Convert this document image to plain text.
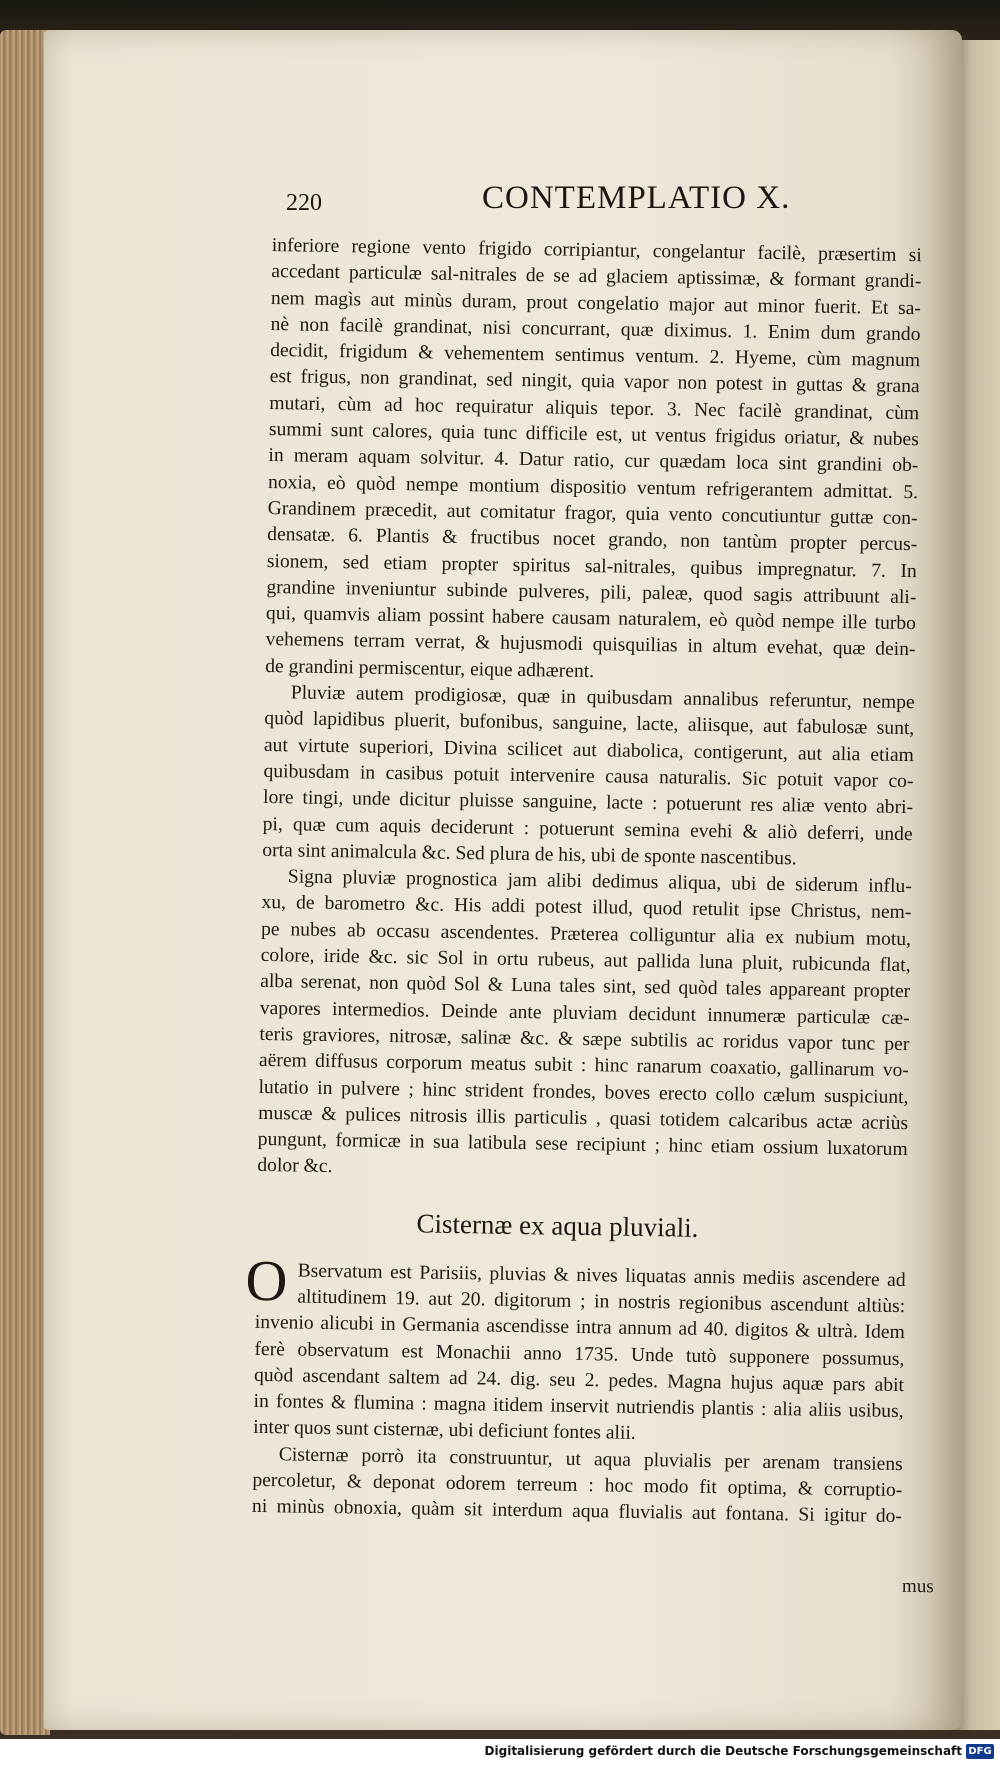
220	CONTEMPLATIO X.
inferiore regione vento frigido corripiantur, congelantur facilè, præsertim si
accedant particulæ sal-nitrales de se ad glaciem aptissimæ, & formant grandi-
nem magìs aut minùs duram, prout congelatio major aut minor fuerit. Et sa-
nè non facilè grandinat, nisi concurrant, quæ diximus. 1. Enim dum grando
decidit, frigidum & vehementem sentimus ventum. 2. Hyeme, cùm magnum
est frigus, non grandinat, sed ningit, quia vapor non potest in guttas & grana
mutari, cùm ad hoc requiratur aliquis tepor. 3. Nec facilè grandinat, cùm
summi sunt calores, quia tunc difficile est, ut ventus frigidus oriatur, & nubes
in meram aquam solvitur. 4. Datur ratio, cur quædam loca sint grandini ob-
noxia, eò quòd nempe montium dispositio ventum refrigerantem admittat. 5.
Grandinem præcedit, aut comitatur fragor, quia vento concutiuntur guttæ con-
densatæ. 6. Plantis & fructibus nocet grando, non tantùm propter percus-
sionem, sed etiam propter spiritus sal-nitrales, quibus impregnatur. 7. In
grandine inveniuntur subinde pulveres, pili, paleæ, quod sagis attribuunt ali-
qui, quamvis aliam possint habere causam naturalem, eò quòd nempe ille turbo
vehemens terram verrat, & hujusmodi quisquilias in altum evehat, quæ dein-
de grandini permiscentur, eique adhærent.
Pluviæ autem prodigiosæ, quæ in quibusdam annalibus referuntur, nempe
quòd lapidibus pluerit, bufonibus, sanguine, lacte, aliisque, aut fabulosæ sunt,
aut virtute superiori, Divina scilicet aut diabolica, contigerunt, aut alia etiam
quibusdam in casibus potuit intervenire causa naturalis. Sic potuit vapor co-
lore tingi, unde dicitur pluisse sanguine, lacte : potuerunt res aliæ vento abri-
pi, quæ cum aquis deciderunt : potuerunt semina evehi & aliò deferri, unde
orta sint animalcula &c. Sed plura de his, ubi de sponte nascentibus.
Signa pluviæ prognostica jam alibi dedimus aliqua, ubi de siderum influ-
xu, de barometro &c. His addi potest illud, quod retulit ipse Christus, nem-
pe nubes ab occasu ascendentes. Præterea colliguntur alia ex nubium motu,
colore, iride &c. sic Sol in ortu rubeus, aut pallida luna pluit, rubicunda flat,
alba serenat, non quòd Sol & Luna tales sint, sed quòd tales appareant propter
vapores intermedios. Deinde ante pluviam decidunt innumeræ particulæ cæ-
teris graviores, nitrosæ, salinæ &c. & sæpe subtilis ac roridus vapor tunc per
aërem diffusus corporum meatus subit : hinc ranarum coaxatio, gallinarum vo-
lutatio in pulvere ; hinc strident frondes, boves erecto collo cælum suspiciunt,
muscæ & pulices nitrosis illis particulis , quasi totidem calcaribus actæ acriùs
pungunt, formicæ in sua latibula sese recipiunt ; hinc etiam ossium luxatorum
dolor &c.
Cisternæ ex aqua pluviali.
O Bservatum est Parisiis, pluvias & nives liquatas annis mediis ascendere ad
altitudinem 19. aut 20. digitorum ; in nostris regionibus ascendunt altiùs:
invenio alicubi in Germania ascendisse intra annum ad 40. digitos & ultrà. Idem
ferè observatum est Monachii anno 1735. Unde tutò supponere possumus,
quòd ascendant saltem ad 24. dig. seu 2. pedes. Magna hujus aquæ pars abit
in fontes & flumina : magna itidem inservit nutriendis plantis : alia aliis usibus,
inter quos sunt cisternæ, ubi deficiunt fontes alii.
Cisternæ porrò ita construuntur, ut aqua pluvialis per arenam transiens
percoletur, & deponat odorem terreum : hoc modo fit optima, & corruptio-
ni minùs obnoxia, quàm sit interdum aqua fluvialis aut fontana. Si igitur do-
mus
Digitalisierung gefördert durch die Deutsche Forschungsgemeinschaft DFG
